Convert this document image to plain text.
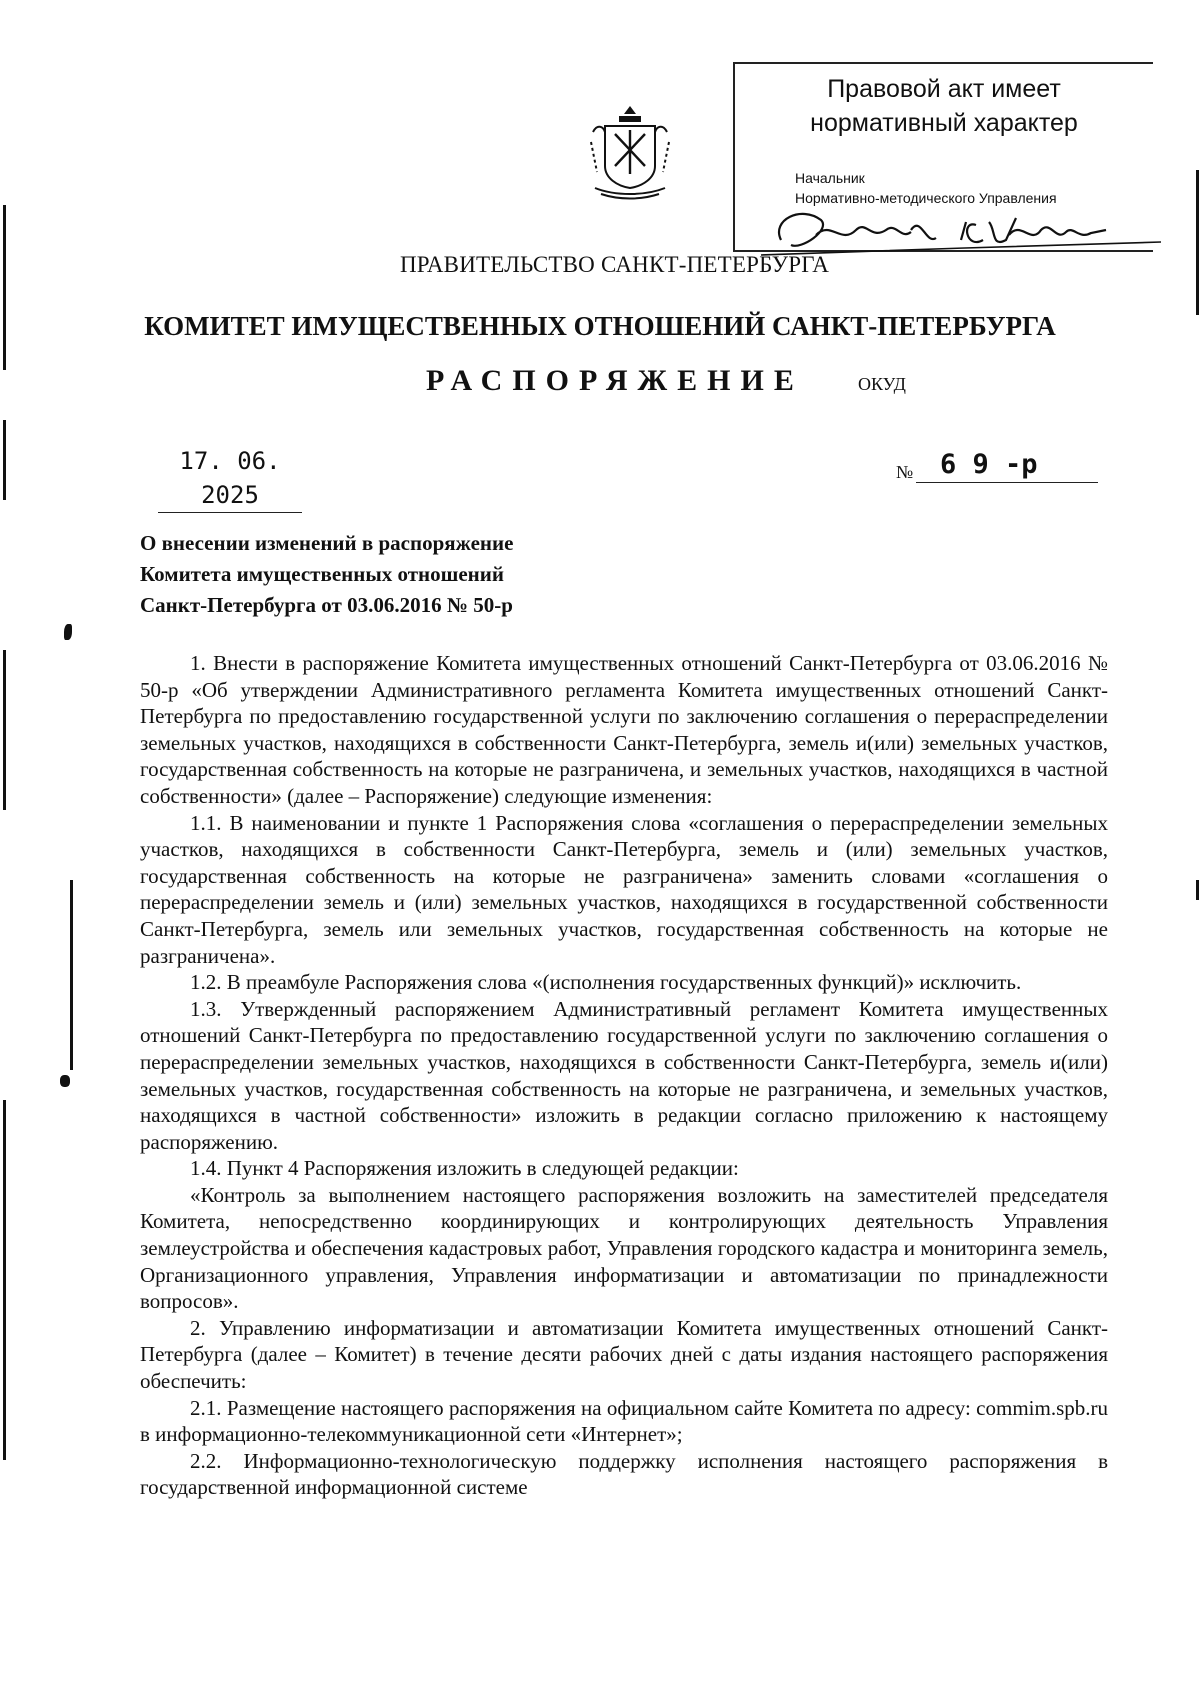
Правовой акт имеет
нормативный характер
Начальник
Нормативно-методического Управления
ПРАВИТЕЛЬСТВО САНКТ-ПЕТЕРБУРГА
КОМИТЕТ ИМУЩЕСТВЕННЫХ ОТНОШЕНИЙ САНКТ-ПЕТЕРБУРГА
РАСПОРЯЖЕНИЕ	ОКУД
17. 06. 2025
№ 6 9 -р
О внесении изменений в распоряжение
Комитета имущественных отношений
Санкт-Петербурга от 03.06.2016 № 50-р

1. Внести в распоряжение Комитета имущественных отношений Санкт-Петербурга от 03.06.2016 № 50-р «Об утверждении Административного регламента Комитета имущественных отношений Санкт-Петербурга по предоставлению государственной услуги по заключению соглашения о перераспределении земельных участков, находящихся в собственности Санкт-Петербурга, земель и(или) земельных участков, государственная собственность на которые не разграничена, и земельных участков, находящихся в частной собственности» (далее – Распоряжение) следующие изменения:

1.1. В наименовании и пункте 1 Распоряжения слова «соглашения о перераспределении земельных участков, находящихся в собственности Санкт-Петербурга, земель и (или) земельных участков, государственная собственность на которые не разграничена» заменить словами «соглашения о перераспределении земель и (или) земельных участков, находящихся в государственной собственности Санкт-Петербурга, земель или земельных участков, государственная собственность на которые не разграничена».

1.2. В преамбуле Распоряжения слова «(исполнения государственных функций)» исключить.

1.3. Утвержденный распоряжением Административный регламент Комитета имущественных отношений Санкт-Петербурга по предоставлению государственной услуги по заключению соглашения о перераспределении земельных участков, находящихся в собственности Санкт-Петербурга, земель и(или) земельных участков, государственная собственность на которые не разграничена, и земельных участков, находящихся в частной собственности» изложить в редакции согласно приложению к настоящему распоряжению.

1.4. Пункт 4 Распоряжения изложить в следующей редакции:

«Контроль за выполнением настоящего распоряжения возложить на заместителей председателя Комитета, непосредственно координирующих и контролирующих деятельность Управления землеустройства и обеспечения кадастровых работ, Управления городского кадастра и мониторинга земель, Организационного управления, Управления информатизации и автоматизации по принадлежности вопросов».

2. Управлению информатизации и автоматизации Комитета имущественных отношений Санкт-Петербурга (далее – Комитет) в течение десяти рабочих дней с даты издания настоящего распоряжения обеспечить:

2.1. Размещение настоящего распоряжения на официальном сайте Комитета по адресу: commim.spb.ru в информационно-телекоммуникационной сети «Интернет»;

2.2. Информационно-технологическую поддержку исполнения настоящего распоряжения в государственной информационной системе
